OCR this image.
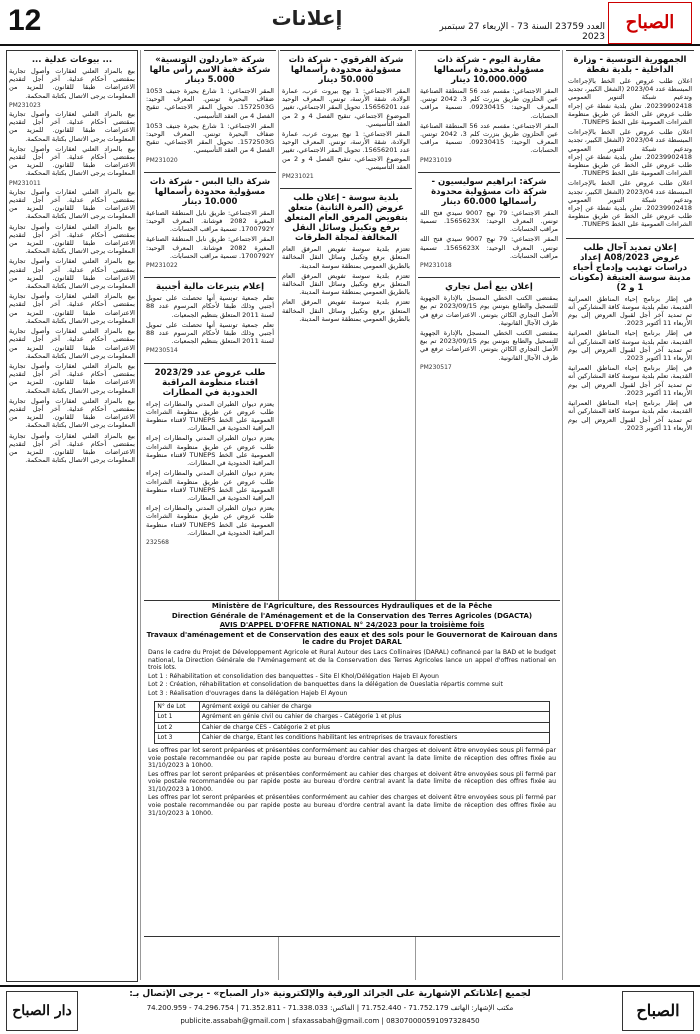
12	إعلانات	العدد 23759 السنة 73 - الإربعاء 27 سبتمبر 2023
الصباح
الجمهورية التونسية - وزارة الداخلية - بلدية نفطة

اعلان طلب عروض على الخط بالإجراءات المبسطة عدد 2023/04 (الشغل الكبير، تجديد وتدعيم شبكة التنوير العمومي 20239902418. تعلن بلدية نفطة عن إجراء طلب عروض على الخط عن طريق منظومة الشراءات العمومية على الخط TUNEPS.

اعلان طلب عروض على الخط بالإجراءات المبسطة عدد 2023/04 (الشغل الكبير، تجديد وتدعيم شبكة التنوير العمومي 20239902418. تعلن بلدية نفطة عن إجراء طلب عروض على الخط عن طريق منظومة الشراءات العمومية على الخط TUNEPS.

اعلان طلب عروض على الخط بالإجراءات المبسطة عدد 2023/04 (الشغل الكبير، تجديد وتدعيم شبكة التنوير العمومي 20239902418. تعلن بلدية نفطة عن إجراء طلب عروض على الخط عن طريق منظومة الشراءات العمومية على الخط TUNEPS.

إعلان تمديد آجال طلب عروض 2023/A08 إعداد دراسات تهذيب وإدماج أحياء مدينة سوسة العتيقة (مكونات 1 و 2)

في إطار برنامج إحياء المناطق العمرانية القديمة، تعلم بلدية سوسة كافة المشاركين أنه تم تمديد آخر أجل لقبول العروض إلى يوم الأربعاء 11 أكتوبر 2023.

في إطار برنامج إحياء المناطق العمرانية القديمة، تعلم بلدية سوسة كافة المشاركين أنه تم تمديد آخر أجل لقبول العروض إلى يوم الأربعاء 11 أكتوبر 2023.

في إطار برنامج إحياء المناطق العمرانية القديمة، تعلم بلدية سوسة كافة المشاركين أنه تم تمديد آخر أجل لقبول العروض إلى يوم الأربعاء 11 أكتوبر 2023.

في إطار برنامج إحياء المناطق العمرانية القديمة، تعلم بلدية سوسة كافة المشاركين أنه تم تمديد آخر أجل لقبول العروض إلى يوم الأربعاء 11 أكتوبر 2023.

مقاربة اليوم - شركة ذات مسؤولية محدودة رأسمالها 10.000.000 دينار

المقر الاجتماعي: مقسم عدد 56 المنطقة الصناعية عين الحلزون طريق بنزرت كلم 3، 2042 تونس. المعرف الوحيد: 09230415. تسمية مراقب الحسابات.

المقر الاجتماعي: مقسم عدد 56 المنطقة الصناعية عين الحلزون طريق بنزرت كلم 3، 2042 تونس. المعرف الوحيد: 09230415. تسمية مراقب الحسابات.

PM231019
شركة: ابراهيم سوليسيون - شركة ذات مسؤولية محدودة رأسمالها 60.000 دينار

المقر الاجتماعي: 79 نهج 9007 سيدي فتح الله تونس. المعرف الوحيد: 1565623X. تسمية مراقب الحسابات.

المقر الاجتماعي: 79 نهج 9007 سيدي فتح الله تونس. المعرف الوحيد: 1565623X. تسمية مراقب الحسابات.

PM231018
إعلان بيع أصل تجاري

بمقتضى الكتب الخطي المسجل بالإدارة الجهوية للتسجيل والطابع بتونس يوم 2023/09/15 تم بيع الأصل التجاري الكائن بتونس. الاعتراضات ترفع في ظرف الآجال القانونية.

بمقتضى الكتب الخطي المسجل بالإدارة الجهوية للتسجيل والطابع بتونس يوم 2023/09/15 تم بيع الأصل التجاري الكائن بتونس. الاعتراضات ترفع في ظرف الآجال القانونية.

PM230517
شركة الفرقوي - شركة ذات مسؤولية محدودة رأسمالها 50.000 دينار

المقر الاجتماعي: 1 نهج بيروت عرب، عمارة الولادة، شقة الأرسة، تونس. المعرف الوحيد عدد 15656201. تحويل المقر الاجتماعي، تغيير الموضوع الاجتماعي، تنقيح الفصل 4 و 2 من العقد التأسيسي.

المقر الاجتماعي: 1 نهج بيروت عرب، عمارة الولادة، شقة الأرسة، تونس. المعرف الوحيد عدد 15656201. تحويل المقر الاجتماعي، تغيير الموضوع الاجتماعي، تنقيح الفصل 4 و 2 من العقد التأسيسي.

PM231021
بلدية سوسة - إعلان طلب عروض (المرة الثانية) متعلق بتفويض المرفق العام المتعلق برفع وتكبيل وسائل النقل المخالفة لمجلة الطرقات

تعتزم بلدية سوسة تفويض المرفق العام المتعلق برفع وتكبيل وسائل النقل المخالفة بالطريق العمومي بمنطقة سوسة المدينة.

تعتزم بلدية سوسة تفويض المرفق العام المتعلق برفع وتكبيل وسائل النقل المخالفة بالطريق العمومي بمنطقة سوسة المدينة.

تعتزم بلدية سوسة تفويض المرفق العام المتعلق برفع وتكبيل وسائل النقل المخالفة بالطريق العمومي بمنطقة سوسة المدينة.

شركة «ماردلون التونسية» شركة خفية الاسم رأس مالها 5.000 دينار

المقر الاجتماعي: 1 شارع بحيرة جنيف 1053 ضفاف البحيرة تونس. المعرف الوحيد: 1572503G. تحويل المقر الاجتماعي، تنقيح الفصل 4 من العقد التأسيسي.

المقر الاجتماعي: 1 شارع بحيرة جنيف 1053 ضفاف البحيرة تونس. المعرف الوحيد: 1572503G. تحويل المقر الاجتماعي، تنقيح الفصل 4 من العقد التأسيسي.

PM231020
شركة داليا البس - شركة ذات مسؤولية محدودة رأسمالها 10.000 دينار

المقر الاجتماعي: طريق نابل المنطقة الصناعية المغيرة 2082 فوشانة. المعرف الوحيد: 1700792Y. تسمية مراقب الحسابات.

المقر الاجتماعي: طريق نابل المنطقة الصناعية المغيرة 2082 فوشانة. المعرف الوحيد: 1700792Y. تسمية مراقب الحسابات.

PM231022
إعلام بتبرعات مالية أجنبية

تعلم جمعية تونسية أنها تحصلت على تمويل أجنبي وذلك طبقا لأحكام المرسوم عدد 88 لسنة 2011 المتعلق بتنظيم الجمعيات.

تعلم جمعية تونسية أنها تحصلت على تمويل أجنبي وذلك طبقا لأحكام المرسوم عدد 88 لسنة 2011 المتعلق بتنظيم الجمعيات.

PM230514
طلب عروض عدد 2023/29 اقتناء منظومة المراقبة الحدودية في المطارات

يعتزم ديوان الطيران المدني والمطارات إجراء طلب عروض عن طريق منظومة الشراءات العمومية على الخط TUNEPS لاقتناء منظومة المراقبة الحدودية في المطارات.

يعتزم ديوان الطيران المدني والمطارات إجراء طلب عروض عن طريق منظومة الشراءات العمومية على الخط TUNEPS لاقتناء منظومة المراقبة الحدودية في المطارات.

يعتزم ديوان الطيران المدني والمطارات إجراء طلب عروض عن طريق منظومة الشراءات العمومية على الخط TUNEPS لاقتناء منظومة المراقبة الحدودية في المطارات.

يعتزم ديوان الطيران المدني والمطارات إجراء طلب عروض عن طريق منظومة الشراءات العمومية على الخط TUNEPS لاقتناء منظومة المراقبة الحدودية في المطارات.

232568
... بيوعات عدلية ...

بيع بالمزاد العلني لعقارات وأصول تجارية بمقتضى أحكام عدلية. آخر أجل لتقديم الاعتراضات طبقا للقانون. للمزيد من المعلومات يرجى الاتصال بكتابة المحكمة.

PM231023

بيع بالمزاد العلني لعقارات وأصول تجارية بمقتضى أحكام عدلية. آخر أجل لتقديم الاعتراضات طبقا للقانون. للمزيد من المعلومات يرجى الاتصال بكتابة المحكمة.

بيع بالمزاد العلني لعقارات وأصول تجارية بمقتضى أحكام عدلية. آخر أجل لتقديم الاعتراضات طبقا للقانون. للمزيد من المعلومات يرجى الاتصال بكتابة المحكمة.

PM231011

بيع بالمزاد العلني لعقارات وأصول تجارية بمقتضى أحكام عدلية. آخر أجل لتقديم الاعتراضات طبقا للقانون. للمزيد من المعلومات يرجى الاتصال بكتابة المحكمة.

بيع بالمزاد العلني لعقارات وأصول تجارية بمقتضى أحكام عدلية. آخر أجل لتقديم الاعتراضات طبقا للقانون. للمزيد من المعلومات يرجى الاتصال بكتابة المحكمة.

بيع بالمزاد العلني لعقارات وأصول تجارية بمقتضى أحكام عدلية. آخر أجل لتقديم الاعتراضات طبقا للقانون. للمزيد من المعلومات يرجى الاتصال بكتابة المحكمة.

بيع بالمزاد العلني لعقارات وأصول تجارية بمقتضى أحكام عدلية. آخر أجل لتقديم الاعتراضات طبقا للقانون. للمزيد من المعلومات يرجى الاتصال بكتابة المحكمة.

بيع بالمزاد العلني لعقارات وأصول تجارية بمقتضى أحكام عدلية. آخر أجل لتقديم الاعتراضات طبقا للقانون. للمزيد من المعلومات يرجى الاتصال بكتابة المحكمة.

بيع بالمزاد العلني لعقارات وأصول تجارية بمقتضى أحكام عدلية. آخر أجل لتقديم الاعتراضات طبقا للقانون. للمزيد من المعلومات يرجى الاتصال بكتابة المحكمة.

بيع بالمزاد العلني لعقارات وأصول تجارية بمقتضى أحكام عدلية. آخر أجل لتقديم الاعتراضات طبقا للقانون. للمزيد من المعلومات يرجى الاتصال بكتابة المحكمة.

بيع بالمزاد العلني لعقارات وأصول تجارية بمقتضى أحكام عدلية. آخر أجل لتقديم الاعتراضات طبقا للقانون. للمزيد من المعلومات يرجى الاتصال بكتابة المحكمة.

Ministère de l'Agriculture, des Ressources Hydrauliques et de la Pêche
Direction Générale de l'Aménagement et de la Conservation des Terres Agricoles (DGACTA)
AVIS D'APPEL D'OFFRE NATIONAL N° 24/2023 pour la troisième fois
Travaux d'aménagement et de Conservation des eaux et des sols pour le Gouvernorat de Kairouan dans le cadre du Projet DARAL

Dans le cadre du Projet de Développement Agricole et Rural Autour des Lacs Collinaires (DARAL) cofinancé par la BAD et le budget national, la Direction Générale de l'Aménagement et de la Conservation des Terres Agricoles lance un appel d'offres national en trois lots.

Lot 1 : Réhabilitation et consolidation des banquettes - Site El Khol/Délégation Hajeb El Ayoun

Lot 2 : Création, réhabilitation et consolidation de banquettes dans la délégation de Oueslatia répartis comme suit

Lot 3 : Réalisation d'ouvrages dans la délégation Hajeb El Ayoun

N° de Lot	Agrément exigé ou cahier de charge
Lot 1	Agrément en génie civil ou cahier de charges - Catégorie 1 et plus
Lot 2	Cahier de charge CES - Catégorie 2 et plus
Lot 3	Cahier de charge, Etant les conditions habilitant les entreprises de travaux forestiers

Les offres par lot seront préparées et présentées conformément au cahier des charges et doivent être envoyées sous pli fermé par voie postale recommandée ou par rapide poste au bureau d'ordre central avant la date limite de réception des offres fixée au 31/10/2023 à 10h00.

Les offres par lot seront préparées et présentées conformément au cahier des charges et doivent être envoyées sous pli fermé par voie postale recommandée ou par rapide poste au bureau d'ordre central avant la date limite de réception des offres fixée au 31/10/2023 à 10h00.

Les offres par lot seront préparées et présentées conformément au cahier des charges et doivent être envoyées sous pli fermé par voie postale recommandée ou par rapide poste au bureau d'ordre central avant la date limite de réception des offres fixée au 31/10/2023 à 10h00.

الصباح
دار الصباح
لجميع إعلاناتكم الإشهارية على الجرائد الورقية والإلكترونية «دار الصباح» - يرجى الإتصال بـ:
مكتب الإشهار: الهاتف 71.752.179 - 71.752.440 | الفاكس: 71.338.033 - 71.352.811 | 74.296.754 - 74.200.959
publicite.assabah@gmail.com | sfaxassabah@gmail.com | 083070000591097328450
